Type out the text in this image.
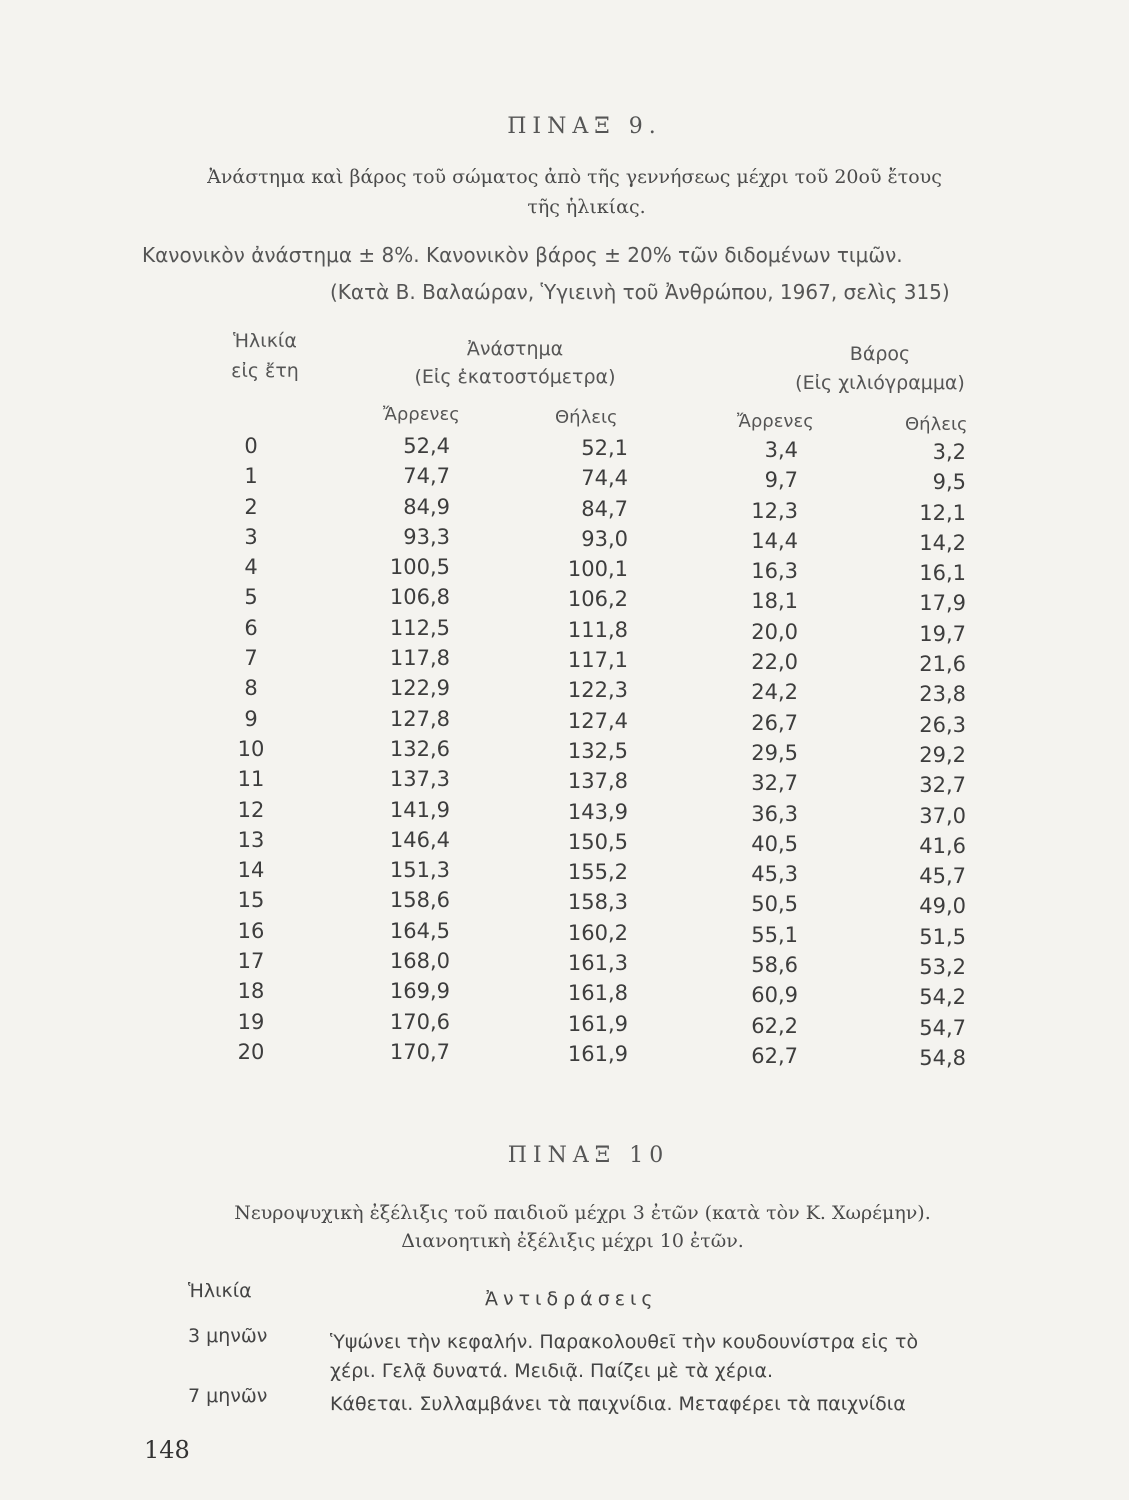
ΠΙΝΑΞ 9.
Ἀνάστημα καὶ βάρος τοῦ σώματος ἀπὸ τῆς γεννήσεως μέχρι τοῦ 20οῦ ἔτους
τῆς ἡλικίας.
Κανονικὸν ἀνάστημα ± 8%. Κανονικὸν βάρος ± 20% τῶν διδομένων τιμῶν.
(Κατὰ Β. Βαλαώραν, Ὑγιεινὴ τοῦ Ἀνθρώπου, 1967, σελὶς 315)
Ἡλικία
εἰς ἔτη
Ἀνάστημα
(Εἰς ἑκατοστόμετρα)
Βάρος
(Εἰς χιλιόγραμμα)
Ἄρρενες	Θήλεις	Ἄρρενες	Θήλεις
0	52,4	52,1	3,4	3,2
1	74,7	74,4	9,7	9,5
2	84,9	84,7	12,3	12,1
3	93,3	93,0	14,4	14,2
4	100,5	100,1	16,3	16,1
5	106,8	106,2	18,1	17,9
6	112,5	111,8	20,0	19,7
7	117,8	117,1	22,0	21,6
8	122,9	122,3	24,2	23,8
9	127,8	127,4	26,7	26,3
10	132,6	132,5	29,5	29,2
11	137,3	137,8	32,7	32,7
12	141,9	143,9	36,3	37,0
13	146,4	150,5	40,5	41,6
14	151,3	155,2	45,3	45,7
15	158,6	158,3	50,5	49,0
16	164,5	160,2	55,1	51,5
17	168,0	161,3	58,6	53,2
18	169,9	161,8	60,9	54,2
19	170,6	161,9	62,2	54,7
20	170,7	161,9	62,7	54,8
ΠΙΝΑΞ 10
Νευροψυχικὴ ἐξέλιξις τοῦ παιδιοῦ μέχρι 3 ἐτῶν (κατὰ τὸν Κ. Χωρέμην).
Διανοητικὴ ἐξέλιξις μέχρι 10 ἐτῶν.
Ἡλικία	Ἀντιδράσεις
3 μηνῶν	Ὑψώνει τὴν κεφαλήν. Παρακολουθεῖ τὴν κουδουνίστρα εἰς τὸ
χέρι. Γελᾷ δυνατά. Μειδιᾷ. Παίζει μὲ τὰ χέρια.
7 μηνῶν	Κάθεται. Συλλαμβάνει τὰ παιχνίδια. Μεταφέρει τὰ παιχνίδια
148
